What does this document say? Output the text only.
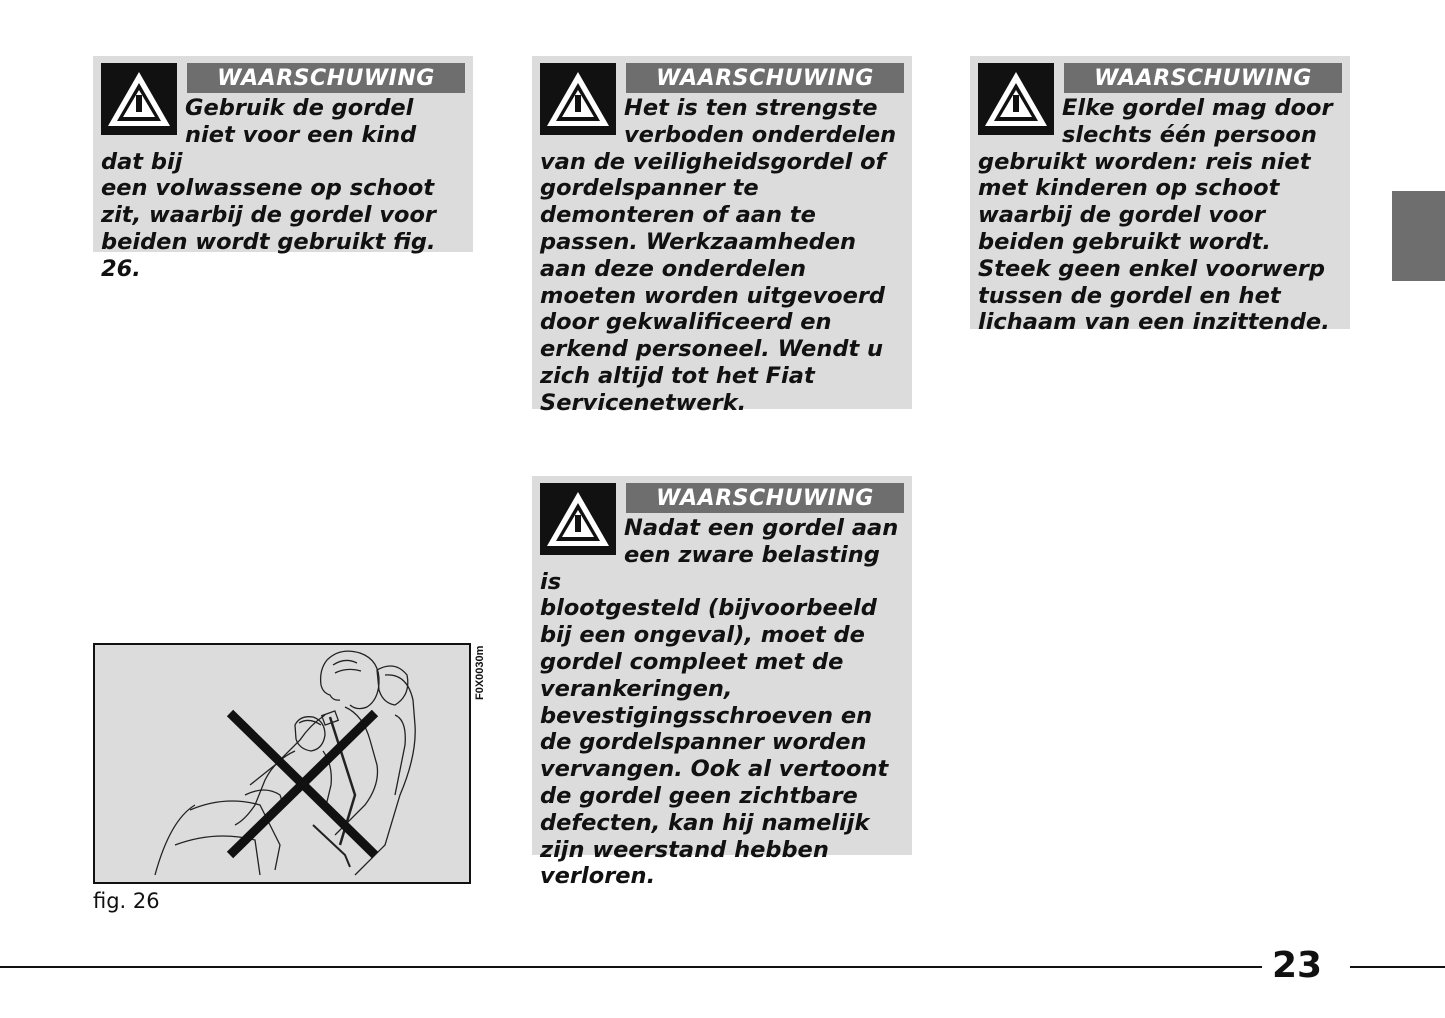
WAARSCHUWING
Gebruik de gordel niet voor een kind dat bij
een volwassene op schoot zit, waarbij de gordel voor beiden wordt gebruikt fig. 26.
WAARSCHUWING
Het is ten strengste verboden onderdelen
van de veiligheidsgordel of gordelspanner te demonteren of aan te passen. Werkzaamheden aan deze onderdelen moeten worden uitgevoerd door gekwalificeerd en erkend personeel. Wendt u zich altijd tot het Fiat Servicenetwerk.
WAARSCHUWING
Elke gordel mag door slechts één persoon
gebruikt worden: reis niet met kinderen op schoot waarbij de gordel voor beiden gebruikt wordt. Steek geen enkel voorwerp tussen de gordel en het lichaam van een inzittende.
WAARSCHUWING
Nadat een gordel aan een zware belasting is
blootgesteld (bijvoorbeeld bij een ongeval), moet de gordel compleet met de verankeringen, bevestigingsschroeven en de gordelspanner worden vervangen. Ook al vertoont de gordel geen zichtbare defecten, kan hij namelijk zijn weerstand hebben verloren.
F0X0030m
fig. 26
23
